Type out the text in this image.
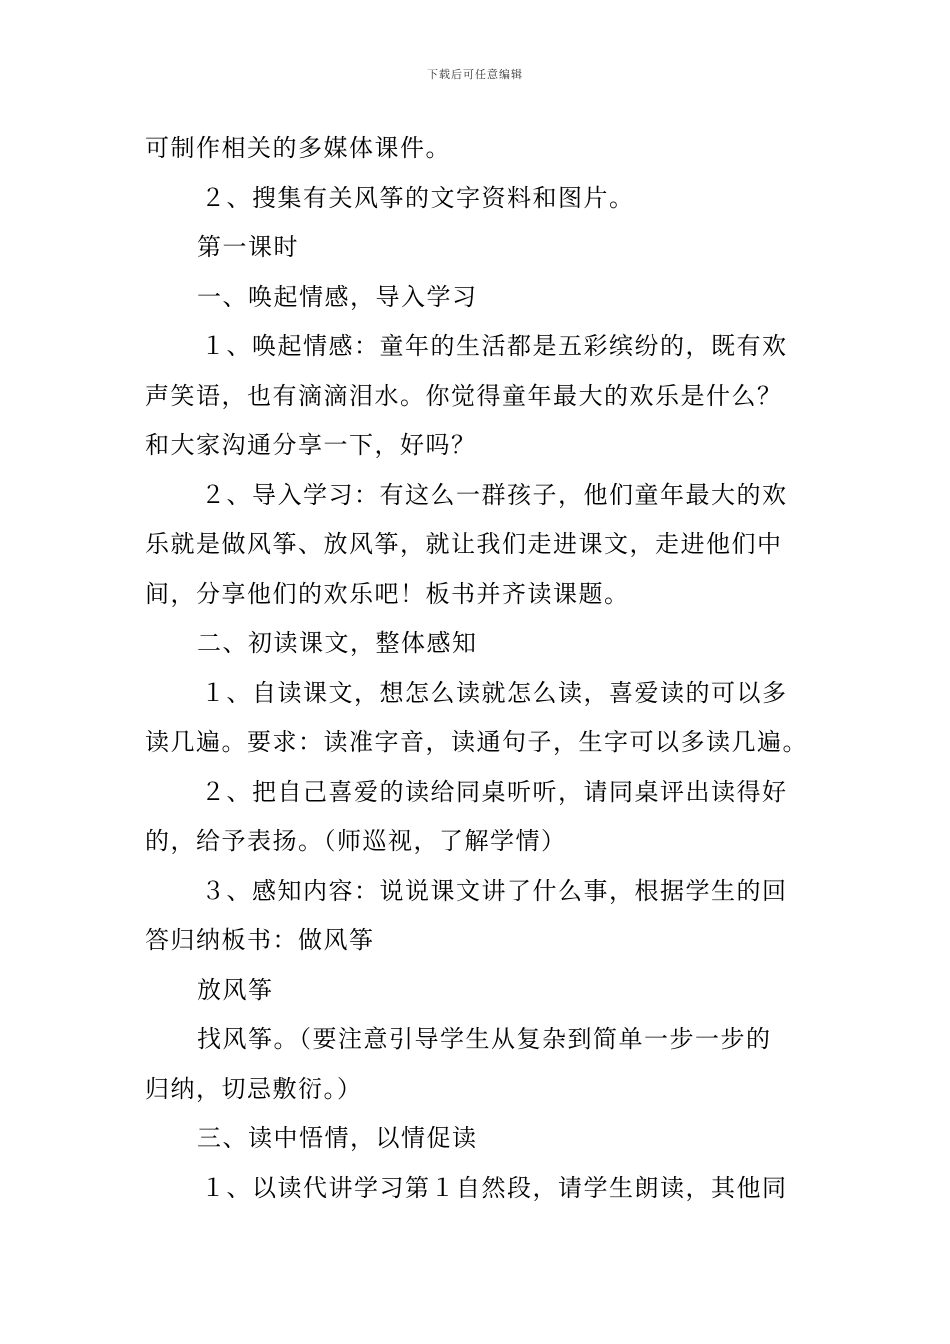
下载后可任意编辑
可制作相关的多媒体课件。
２、搜集有关风筝的文字资料和图片。
第一课时
一、唤起情感，导入学习
１、唤起情感：童年的生活都是五彩缤纷的，既有欢
声笑语，也有滴滴泪水。你觉得童年最大的欢乐是什么？
和大家沟通分享一下，好吗？
２、导入学习：有这么一群孩子，他们童年最大的欢
乐就是做风筝、放风筝，就让我们走进课文，走进他们中
间，分享他们的欢乐吧！板书并齐读课题。
二、初读课文，整体感知
１、自读课文，想怎么读就怎么读，喜爱读的可以多
读几遍。要求：读准字音，读通句子，生字可以多读几遍。
２、把自己喜爱的读给同桌听听，请同桌评出读得好
的，给予表扬。（师巡视，了解学情）
３、感知内容：说说课文讲了什么事，根据学生的回
答归纳板书：做风筝
放风筝
找风筝。（要注意引导学生从复杂到简单一步一步的
归纳，切忌敷衍。）
三、读中悟情，以情促读
１、以读代讲学习第１自然段，请学生朗读，其他同
